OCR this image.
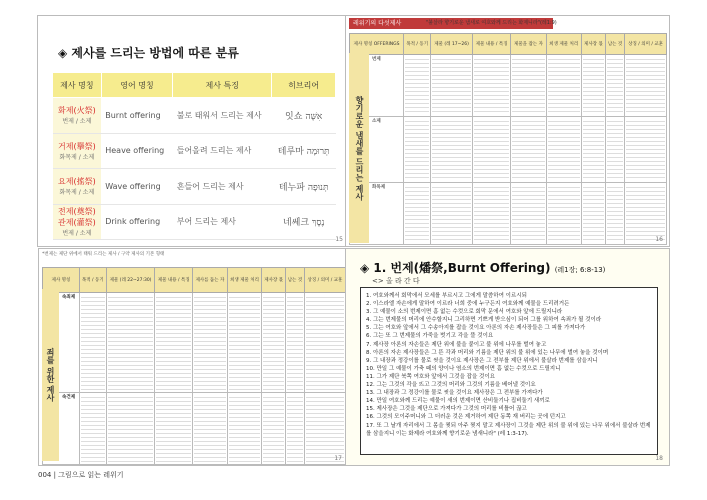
◈ 제사를 드리는 방법에 따른 분류
제사 명칭	영어 명칭	제사 특징	히브리어

화제(火祭)
번제 / 소제	Burnt offering	불로 태워서 드리는 제사	잇쇼 אִשֶּׁה

거제(擧祭)
화목제 / 소제	Heave offering	들어올려 드리는 제사	테루마 תְּרוּמָה

요제(搖祭)
화목제 / 소제	Wave offering	흔들어 드리는 제사	테누파 תְּנוּפָה

전제(奠祭)
관제(灌祭)
번제 / 소제	Drink offering	부어 드리는 제사	네쎄크 נֶסֶךְ
15
레위기의 다섯제사	"불살라 향기로운 냄새로 여호와께 드리는 화제니라"(레1:9)
제사 명칭 OFFERINGS	목적 / 동기	제물 (레 17~26)	제물 내용 / 특징	제물을 잡는 자	희생 제물 처리	제사장 몫	남는 것	상징 / 의미 / 교훈
번제	

소제	

화목제	

향기로운 냄새를 드리는 제사
16
*번제는 제단 위에서 태워 드리는 제사 / 구약 제사의 기본 형태
제사 명칭	목적 / 동기	제물 (레 22~27:30)	제물 내용 / 특징	제사를 돕는 자	희생 제물 처리	제사장 몫	남는 것	상징 / 의미 / 교훈
속죄제	

속건제	

죄를 위한 제사
17
◈ 1. 번제(燔祭,Burnt Offering) (레1장; 6:8-13)
<> 올 라 간 다
1. 여호와께서 회막에서 모세를 부르시고 그에게 말씀하여 이르시되
2. 이스라엘 자손에게 말하여 이르라 너희 중에 누구든지 여호와께 예물을 드리려거든
3. 그 예물이 소의 번제이면 흠 없는 수컷으로 회막 문에서 여호와 앞에 드릴지니라
4. 그는 번제물의 머리에 안수할지니 그리하면 기쁘게 받으심이 되어 그를 위하여 속죄가 될 것이라
5. 그는 여호와 앞에서 그 수송아지를 잡을 것이요 아론의 자손 제사장들은 그 피를 가져다가
6. 그는 또 그 번제물의 가죽을 벗기고 각을 뜰 것이요
7. 제사장 아론의 자손들은 제단 위에 불을 붙이고 불 위에 나무를 벌여 놓고
8. 아론의 자손 제사장들은 그 뜬 각과 머리와 기름을 제단 위의 불 위에 있는 나무에 벌여 놓을 것이며
9. 그 내장과 정강이를 물로 씻을 것이요 제사장은 그 전부를 제단 위에서 불살라 번제를 삼을지니
10. 만일 그 예물이 가축 떼의 양이나 염소의 번제이면 흠 없는 수컷으로 드릴지니
11. 그가 제단 북쪽 여호와 앞에서 그것을 잡을 것이요
12. 그는 그것의 각을 뜨고 그것의 머리와 그것의 기름을 베어낼 것이요
13. 그 내장과 그 정강이를 물로 씻을 것이요 제사장은 그 전부를 가져다가
14. 만일 여호와께 드리는 예물이 새의 번제이면 산비둘기나 집비둘기 새끼로
15. 제사장은 그것을 제단으로 가져다가 그것의 머리를 비틀어 끊고
16. 그것의 모이주머니와 그 더러운 것은 제거하여 제단 동쪽 재 버리는 곳에 던지고
17. 또 그 날개 자리에서 그 몸을 찢되 아주 찢지 말고 제사장이 그것을 제단 위의 불 위에 있는 나무 위에서 불살라 번제를 삼을지니 이는 화제라 여호와께 향기로운 냄새니라" (레 1:3-17).
18
004 | 그림으로 읽는 레위기
